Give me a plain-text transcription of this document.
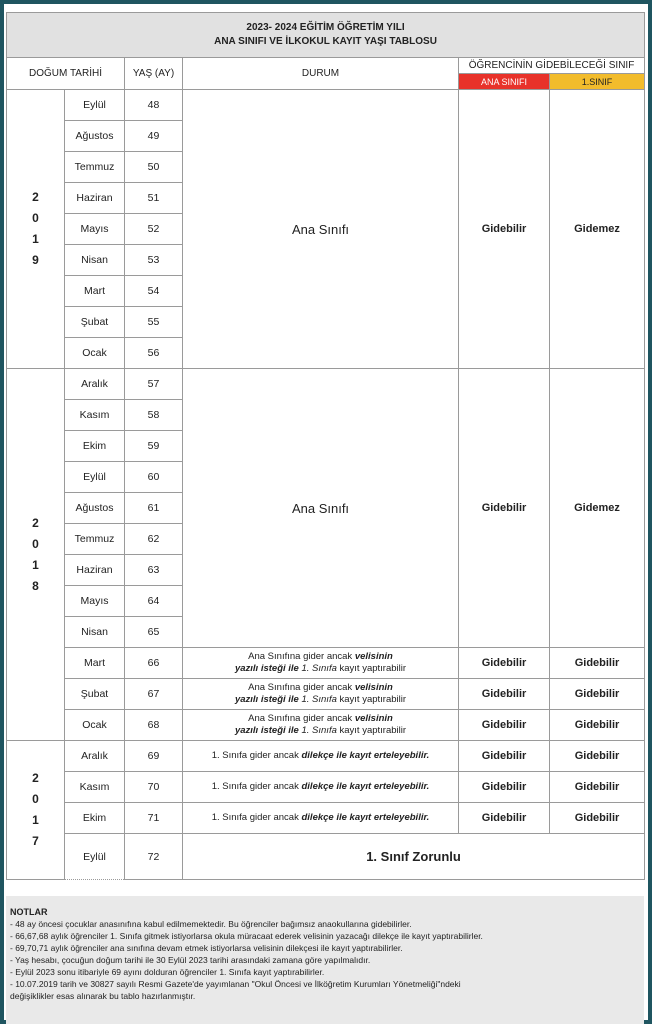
2023- 2024 EĞİTİM ÖĞRETİM YILI
ANA SINIFI VE İLKOKUL KAYIT YAŞI TABLOSU					
DOĞUM TARİHİ		YAŞ (AY)	DURUM	ÖĞRENCİNİN GİDEBİLECEĞİ SINIF	
				ANA SINIFI	1.SINIF
2
0
1
9	Eylül	48	Ana Sınıfı	Gidebilir	Gidemez
	Ağustos	49			
	Temmuz	50			
	Haziran	51			
	Mayıs	52			
	Nisan	53			
	Mart	54			
	Şubat	55			
	Ocak	56			
2
0
1
8	Aralık	57	Ana Sınıfı	Gidebilir	Gidemez
	Kasım	58			
	Ekim	59			
	Eylül	60			
	Ağustos	61			
	Temmuz	62			
	Haziran	63			
	Mayıs	64			
	Nisan	65			
	Mart	66	Ana Sınıfına gider ancak velisinin
yazılı isteği ile 1. Sınıfa kayıt yaptırabilir	Gidebilir	Gidebilir
	Şubat	67	Ana Sınıfına gider ancak velisinin
yazılı isteği ile 1. Sınıfa kayıt yaptırabilir	Gidebilir	Gidebilir
	Ocak	68	Ana Sınıfına gider ancak velisinin
yazılı isteği ile 1. Sınıfa kayıt yaptırabilir	Gidebilir	Gidebilir
2
0
1
7	Aralık	69	1. Sınıfa gider ancak dilekçe ile kayıt erteleyebilir.	Gidebilir	Gidebilir
	Kasım	70	1. Sınıfa gider ancak dilekçe ile kayıt erteleyebilir.	Gidebilir	Gidebilir
	Ekim	71	1. Sınıfa gider ancak dilekçe ile kayıt erteleyebilir.	Gidebilir	Gidebilir
	Eylül	72	1. Sınıf Zorunlu		
NOTLAR
- 48 ay öncesi çocuklar anasınıfına kabul edilmemektedir. Bu öğrenciler bağımsız anaokullarına gidebilirler.
- 66,67,68 aylık öğrenciler 1. Sınıfa gitmek istiyorlarsa okula müracaat ederek velisinin yazacağı dilekçe ile kayıt yaptırabilirler.
- 69,70,71 aylık öğrenciler ana sınıfına devam etmek istiyorlarsa velisinin dilekçesi ile kayıt yaptırabilirler.
- Yaş hesabı, çocuğun doğum tarihi ile 30 Eylül 2023 tarihi arasındaki zamana göre yapılmalıdır.
- Eylül 2023 sonu itibariyle 69 ayını dolduran öğrenciler 1. Sınıfa kayıt yaptırabilirler.
- 10.07.2019 tarih ve 30827 sayılı Resmi Gazete'de yayımlanan "Okul Öncesi ve İlköğretim Kurumları Yönetmeliği"ndeki
değişiklikler esas alınarak bu tablo hazırlanmıştır.
